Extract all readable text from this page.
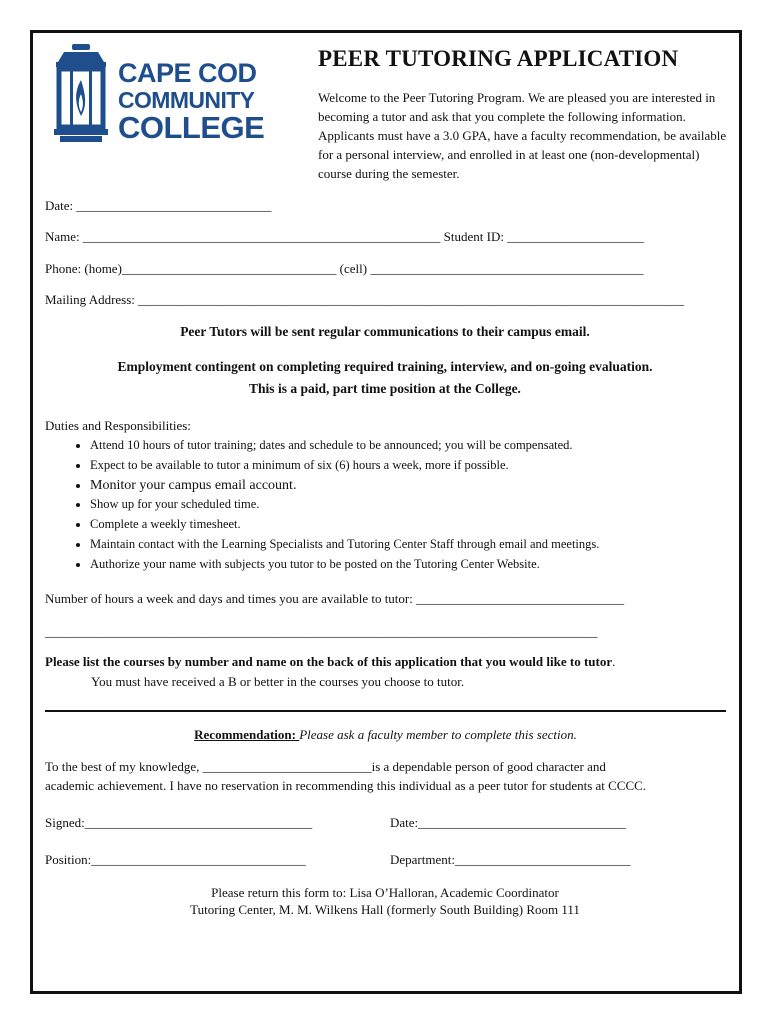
CAPE COD
COMMUNITY
COLLEGE
PEER TUTORING APPLICATION
Welcome to the Peer Tutoring Program. We are pleased you are interested in becoming a tutor and ask that you complete the following information. Applicants must have a 3.0 GPA, have a faculty recommendation, be available for a personal interview, and enrolled in at least one (non-developmental) course during the semester.
Date: ______________________________
Name: _______________________________________________________ Student ID: _____________________
Phone: (home)_________________________________ (cell) __________________________________________
Mailing Address: ____________________________________________________________________________________
Peer Tutors will be sent regular communications to their campus email.
Employment contingent on completing required training, interview, and on-going evaluation.
This is a paid, part time position at the College.
Duties and Responsibilities:
• Attend 10 hours of tutor training; dates and schedule to be announced; you will be compensated.
• Expect to be available to tutor a minimum of six (6) hours a week, more if possible.
• Monitor your campus email account.
• Show up for your scheduled time.
• Complete a weekly timesheet.
• Maintain contact with the Learning Specialists and Tutoring Center Staff through email and meetings.
• Authorize your name with subjects you tutor to be posted on the Tutoring Center Website.
Number of hours a week and days and times you are available to tutor: ________________________________
_____________________________________________________________________________________
Please list the courses by number and name on the back of this application that you would like to tutor.
You must have received a B or better in the courses you choose to tutor.
Recommendation: Please ask a faculty member to complete this section.
To the best of my knowledge, __________________________is a dependable person of good character and
academic achievement. I have no reservation in recommending this individual as a peer tutor for students at CCCC.
Signed:___________________________________	Date:________________________________
Position:_________________________________	Department:___________________________
Please return this form to: Lisa O’Halloran, Academic Coordinator
Tutoring Center, M. M. Wilkens Hall (formerly South Building) Room 111
